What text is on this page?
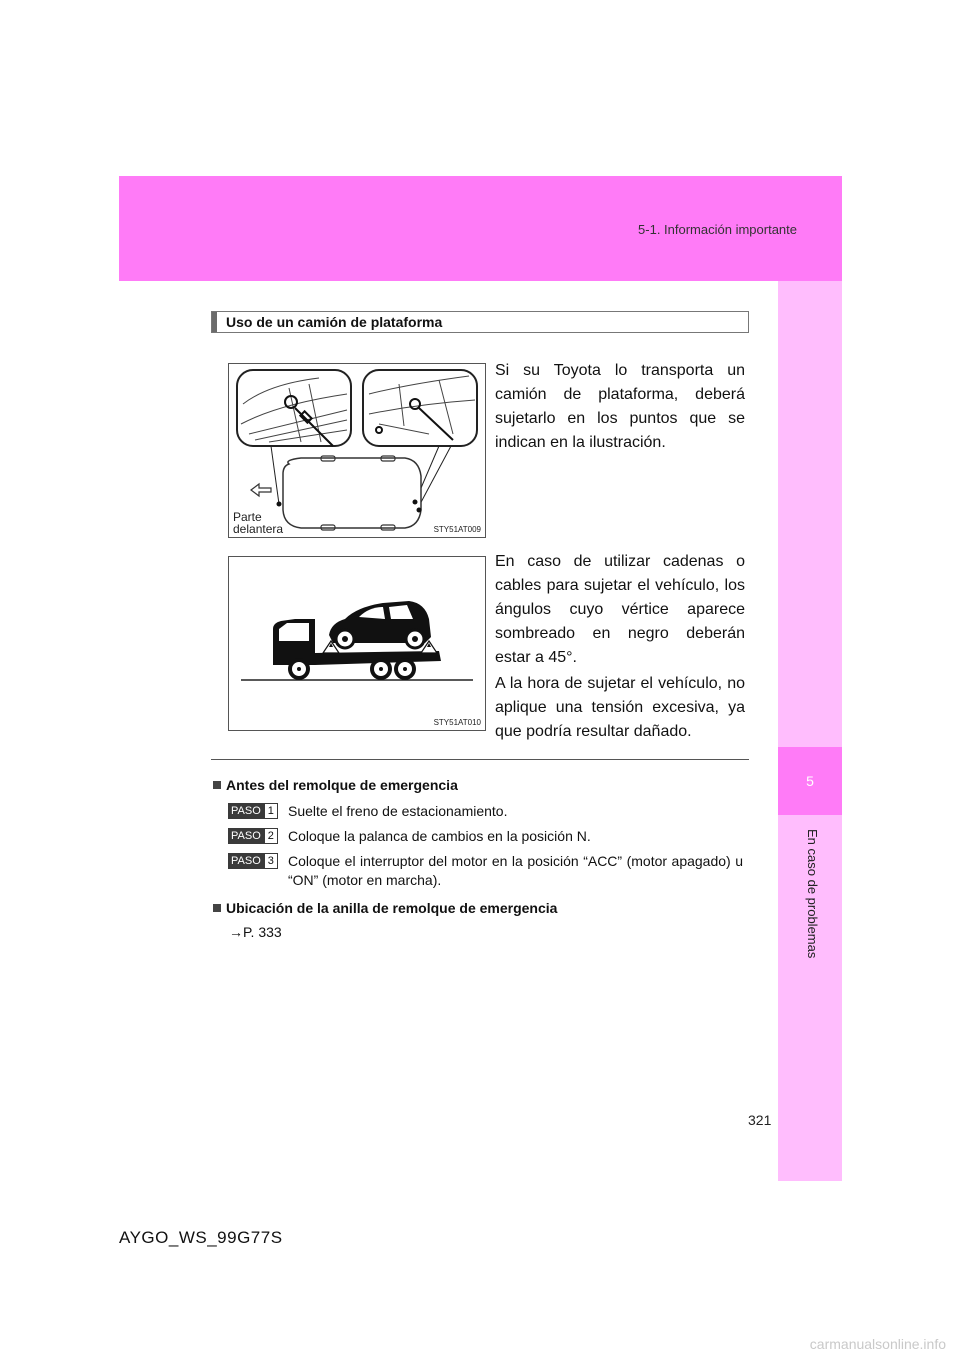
5-1. Información importante
5
En caso de problemas
Uso de un camión de plataforma
Parte
delantera	STY51AT009
STY51AT010
Si su Toyota lo transporta un camión de plataforma, deberá sujetarlo en los puntos que se indican en la ilustración.
En caso de utilizar cadenas o cables para sujetar el vehículo, los ángulos cuyo vértice aparece sombreado en negro deberán estar a 45°.
A la hora de sujetar el vehículo, no aplique una tensión excesiva, ya que podría resultar dañado.
Antes del remolque de emergencia
PASO 1 Suelte el freno de estacionamiento.
PASO 2 Coloque la palanca de cambios en la posición N.
PASO 3 Coloque el interruptor del motor en la posición “ACC” (motor apagado) u “ON” (motor en marcha).
Ubicación de la anilla de remolque de emergencia
→P. 333
321
AYGO_WS_99G77S
carmanualsonline.info
